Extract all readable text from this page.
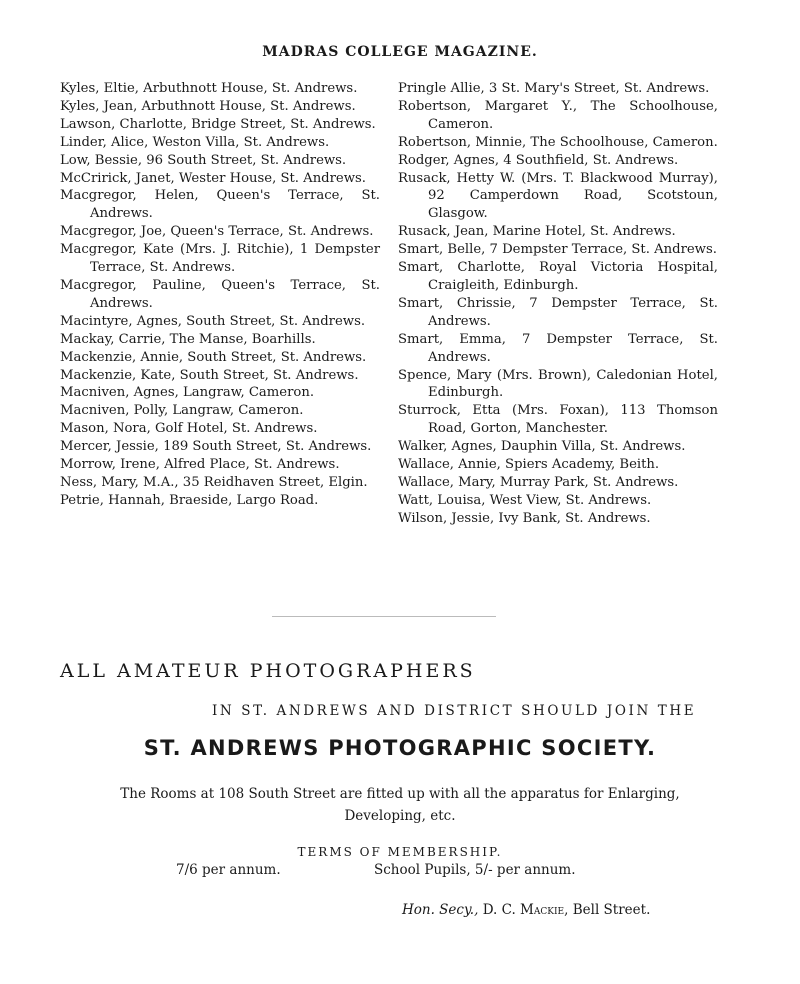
MADRAS COLLEGE MAGAZINE.

Kyles, Eltie, Arbuthnott House, St. Andrews.

Kyles, Jean, Arbuthnott House, St. Andrews.

Lawson, Charlotte, Bridge Street, St. Andrews.

Linder, Alice, Weston Villa, St. Andrews.

Low, Bessie, 96 South Street, St. Andrews.

McCririck, Janet, Wester House, St. Andrews.

Macgregor, Helen, Queen's Terrace, St. Andrews.

Macgregor, Joe, Queen's Terrace, St. Andrews.

Macgregor, Kate (Mrs. J. Ritchie), 1 Dempster Terrace, St. Andrews.

Macgregor, Pauline, Queen's Terrace, St. Andrews.

Macintyre, Agnes, South Street, St. Andrews.

Mackay, Carrie, The Manse, Boarhills.

Mackenzie, Annie, South Street, St. Andrews.

Mackenzie, Kate, South Street, St. Andrews.

Macniven, Agnes, Langraw, Cameron.

Macniven, Polly, Langraw, Cameron.

Mason, Nora, Golf Hotel, St. Andrews.

Mercer, Jessie, 189 South Street, St. Andrews.

Morrow, Irene, Alfred Place, St. Andrews.

Ness, Mary, M.A., 35 Reidhaven Street, Elgin.

Petrie, Hannah, Braeside, Largo Road.

Pringle Allie, 3 St. Mary's Street, St. Andrews.

Robertson, Margaret Y., The Schoolhouse, Cameron.

Robertson, Minnie, The Schoolhouse, Cameron.

Rodger, Agnes, 4 Southfield, St. Andrews.

Rusack, Hetty W. (Mrs. T. Blackwood Murray), 92 Camperdown Road, Scotstoun, Glasgow.

Rusack, Jean, Marine Hotel, St. Andrews.

Smart, Belle, 7 Dempster Terrace, St. Andrews.

Smart, Charlotte, Royal Victoria Hospital, Craigleith, Edinburgh.

Smart, Chrissie, 7 Dempster Terrace, St. Andrews.

Smart, Emma, 7 Dempster Terrace, St. Andrews.

Spence, Mary (Mrs. Brown), Caledonian Hotel, Edinburgh.

Sturrock, Etta (Mrs. Foxan), 113 Thomson Road, Gorton, Manchester.

Walker, Agnes, Dauphin Villa, St. Andrews.

Wallace, Annie, Spiers Academy, Beith.

Wallace, Mary, Murray Park, St. Andrews.

Watt, Louisa, West View, St. Andrews.

Wilson, Jessie, Ivy Bank, St. Andrews.

ALL AMATEUR PHOTOGRAPHERS
IN ST. ANDREWS AND DISTRICT SHOULD JOIN THE
ST. ANDREWS PHOTOGRAPHIC SOCIETY.
The Rooms at 108 South Street are fitted up with all the apparatus for Enlarging, Developing, etc.
TERMS OF MEMBERSHIP.
7/6 per annum.	School Pupils, 5/- per annum.
Hon. Secy., D. C. Mackie, Bell Street.
